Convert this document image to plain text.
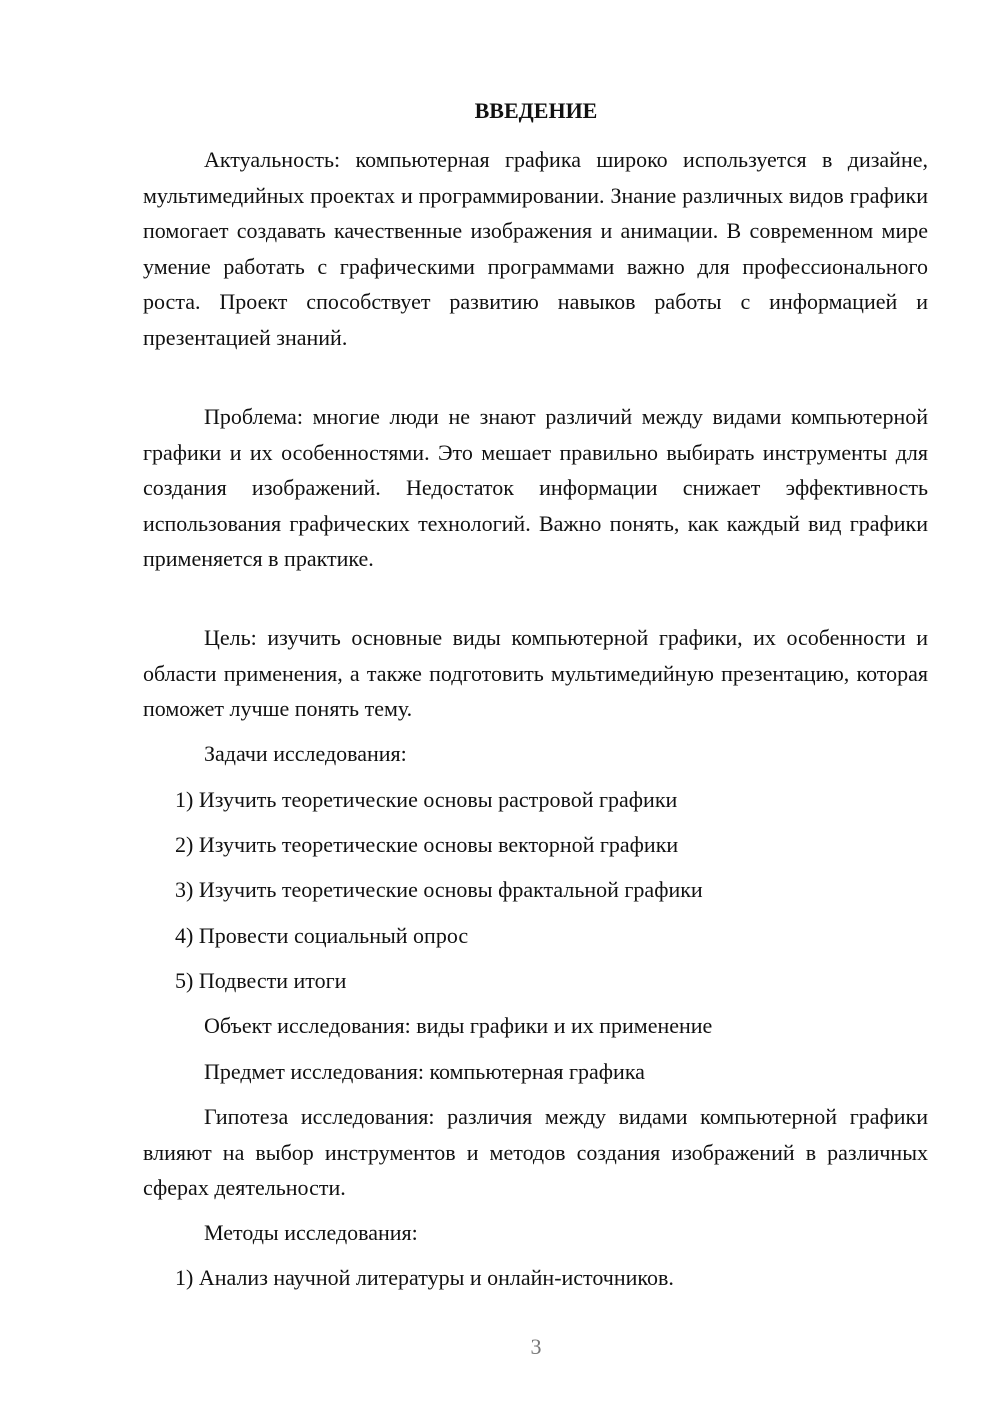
ВВЕДЕНИЕ
Актуальность: компьютерная графика широко используется в дизайне, мультимедийных проектах и программировании. Знание различных видов графики помогает создавать качественные изображения и анимации. В современном мире умение работать с графическими программами важно для профессионального роста. Проект способствует развитию навыков работы с информацией и презентацией знаний.
Проблема: многие люди не знают различий между видами компьютерной графики и их особенностями. Это мешает правильно выбирать инструменты для создания изображений. Недостаток информации снижает эффективность использования графических технологий. Важно понять, как каждый вид графики применяется в практике.
Цель: изучить основные виды компьютерной графики, их особенности и области применения, а также подготовить мультимедийную презентацию, которая поможет лучше понять тему.
Задачи исследования:
1) Изучить теоретические основы растровой графики
2) Изучить теоретические основы векторной графики
3) Изучить теоретические основы фрактальной графики
4) Провести социальный опрос
5) Подвести итоги
Объект исследования: виды графики и их применение
Предмет исследования: компьютерная графика
Гипотеза исследования: различия между видами компьютерной графики влияют на выбор инструментов и методов создания изображений в различных сферах деятельности.
Методы исследования:
1) Анализ научной литературы и онлайн-источников.
3
